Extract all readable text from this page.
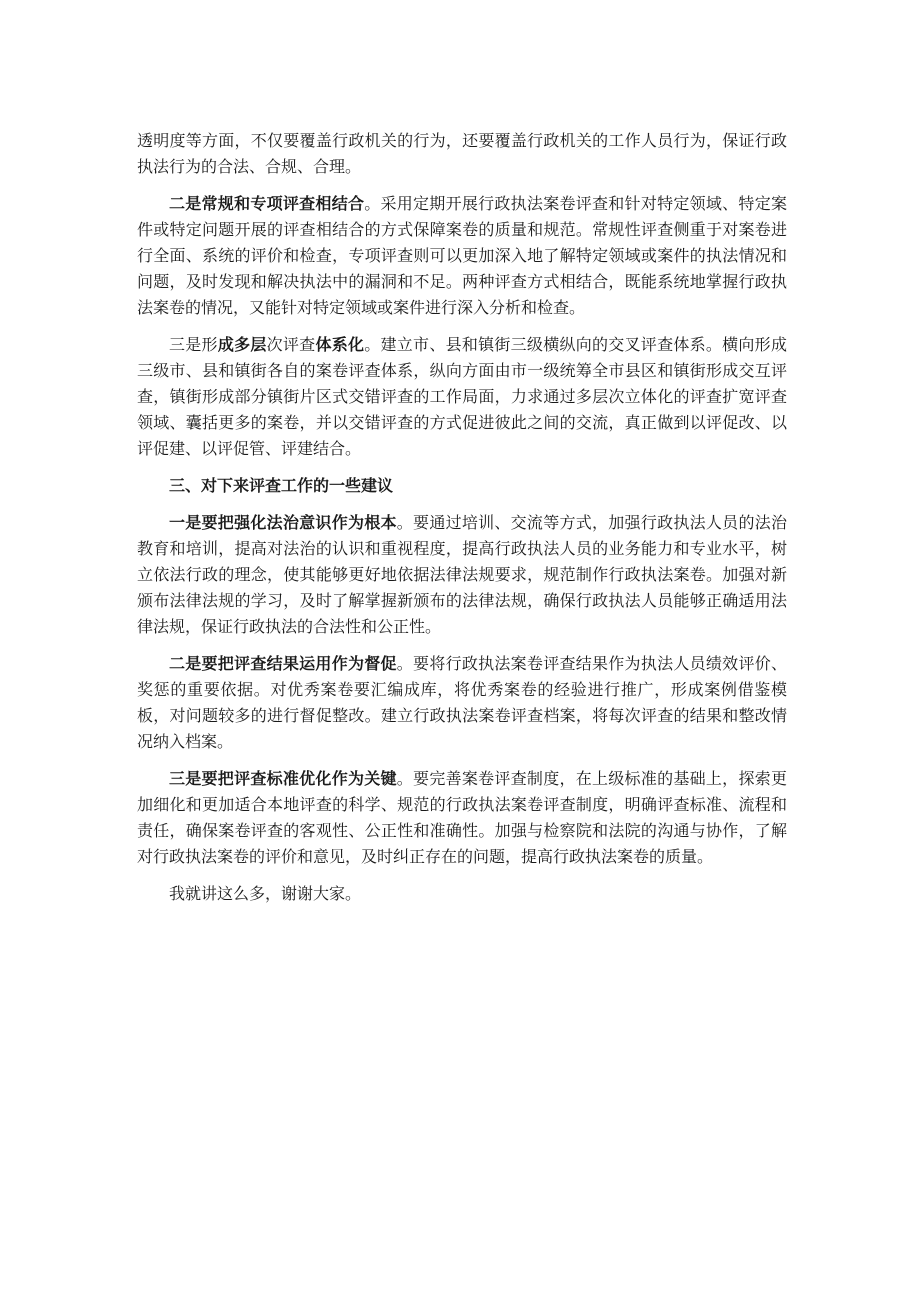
透明度等方面，不仅要覆盖行政机关的行为，还要覆盖行政机关的工作人员行为，保证行政执法行为的合法、合规、合理。

二是常规和专项评查相结合。采用定期开展行政执法案卷评查和针对特定领域、特定案件或特定问题开展的评查相结合的方式保障案卷的质量和规范。常规性评查侧重于对案卷进行全面、系统的评价和检查，专项评查则可以更加深入地了解特定领域或案件的执法情况和问题，及时发现和解决执法中的漏洞和不足。两种评查方式相结合，既能系统地掌握行政执法案卷的情况，又能针对特定领域或案件进行深入分析和检查。

三是形成多层次评查体系化。建立市、县和镇街三级横纵向的交叉评查体系。横向形成三级市、县和镇街各自的案卷评查体系，纵向方面由市一级统筹全市县区和镇街形成交互评查，镇街形成部分镇街片区式交错评查的工作局面，力求通过多层次立体化的评查扩宽评查领域、囊括更多的案卷，并以交错评查的方式促进彼此之间的交流，真正做到以评促改、以评促建、以评促管、评建结合。

三、对下来评查工作的一些建议

一是要把强化法治意识作为根本。要通过培训、交流等方式，加强行政执法人员的法治教育和培训，提高对法治的认识和重视程度，提高行政执法人员的业务能力和专业水平，树立依法行政的理念，使其能够更好地依据法律法规要求，规范制作行政执法案卷。加强对新颁布法律法规的学习，及时了解掌握新颁布的法律法规，确保行政执法人员能够正确适用法律法规，保证行政执法的合法性和公正性。

二是要把评查结果运用作为督促。要将行政执法案卷评查结果作为执法人员绩效评价、奖惩的重要依据。对优秀案卷要汇编成库，将优秀案卷的经验进行推广，形成案例借鉴模板，对问题较多的进行督促整改。建立行政执法案卷评查档案，将每次评查的结果和整改情况纳入档案。

三是要把评查标准优化作为关键。要完善案卷评查制度，在上级标准的基础上，探索更加细化和更加适合本地评查的科学、规范的行政执法案卷评查制度，明确评查标准、流程和责任，确保案卷评查的客观性、公正性和准确性。加强与检察院和法院的沟通与协作，了解对行政执法案卷的评价和意见，及时纠正存在的问题，提高行政执法案卷的质量。

我就讲这么多，谢谢大家。
